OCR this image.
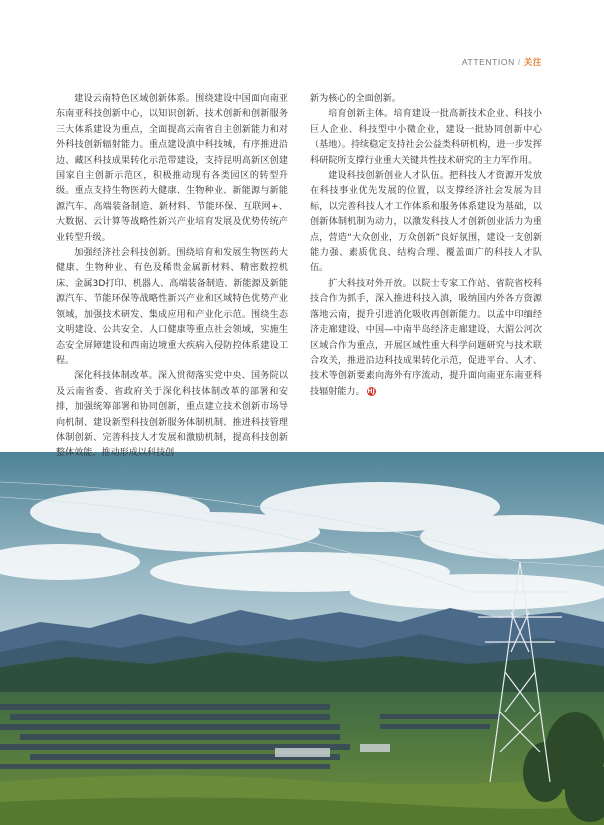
ATTENTION / 关注

建设云南特色区域创新体系。围绕建设中国面向南亚东南亚科技创新中心，以知识创新、技术创新和创新服务三大体系建设为重点，全面提高云南省自主创新能力和对外科技创新辐射能力。重点建设滇中科技城，有序推进沿边、藏区科技成果转化示范带建设，支持昆明高新区创建国家自主创新示范区，积极推动现有各类园区的转型升级。重点支持生物医药大健康、生物种业、新能源与新能源汽车、高端装备制造、新材料、节能环保、互联网+、大数据、云计算等战略性新兴产业培育发展及优势传统产业转型升级。

加强经济社会科技创新。围绕培育和发展生物医药大健康、生物种业、有色及稀贵金属新材料、精密数控机床、金属3D打印、机器人、高端装备制造、新能源及新能源汽车、节能环保等战略性新兴产业和区域特色优势产业领域，加强技术研发、集成应用和产业化示范。围绕生态文明建设、公共安全、人口健康等重点社会领域，实施生态安全屏障建设和西南边境重大疾病入侵防控体系建设工程。

深化科技体制改革。深入贯彻落实党中央、国务院以及云南省委、省政府关于深化科技体制改革的部署和安排，加强统筹部署和协同创新，重点建立技术创新市场导向机制、建设新型科技创新服务体制机制、推进科技管理体制创新、完善科技人才发展和激励机制，提高科技创新整体效能，推动形成以科技创

新为核心的全面创新。

培育创新主体。培育建设一批高新技术企业、科技小巨人企业、科技型中小微企业，建设一批协同创新中心（基地）。持续稳定支持社会公益类科研机构，进一步发挥科研院所支撑行业重大关键共性技术研究的主力军作用。

建设科技创新创业人才队伍。把科技人才资源开发放在科技事业优先发展的位置，以支撑经济社会发展为目标，以完善科技人才工作体系和服务体系建设为基础，以创新体制机制为动力，以激发科技人才创新创业活力为重点，营造“大众创业，万众创新”良好氛围，建设一支创新能力强、素质优良、结构合理、覆盖面广的科技人才队伍。

扩大科技对外开放。以院士专家工作站、省院省校科技合作为抓手，深入推进科技入滇，吸纳国内外各方资源落地云南，提升引进消化吸收再创新能力。以孟中印缅经济走廊建设、中国—中南半岛经济走廊建设、大湄公河次区域合作为重点，开展区域性重大科学问题研究与技术联合攻关，推进沿边科技成果转化示范，促进平台、人才、技术等创新要素向海外有序流动，提升面向南亚东南亚科技辐射能力。 HJ
